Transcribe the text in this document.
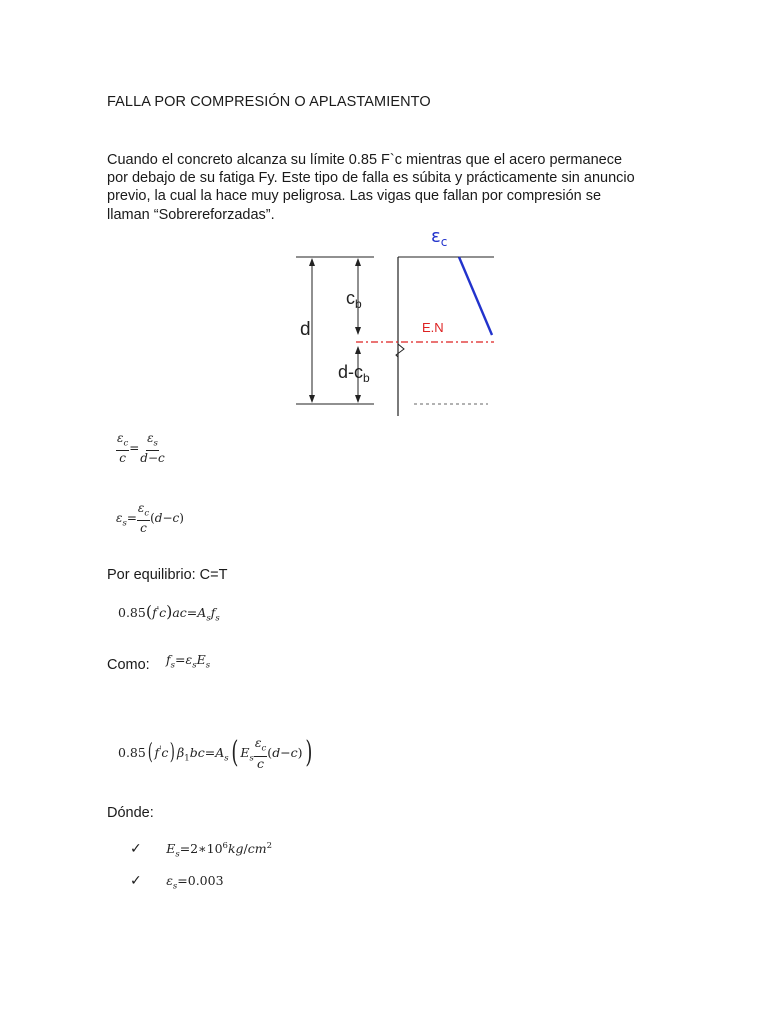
FALLA POR COMPRESIÓN O APLASTAMIENTO
Cuando el concreto alcanza su límite 0.85 F`c mientras que el acero permanece
por debajo de su fatiga Fy. Este tipo de falla es súbita y prácticamente sin anuncio
previo, la cual la hace muy peligrosa. Las vigas que fallan por compresión se
llaman “Sobrereforzadas”.
d
$c_b$
$d-c_b$
$\varepsilon_c$
E.N
$\frac{\varepsilon_c}{c} = \frac{\varepsilon_s}{d-c}$
$\varepsilon_s= \frac{\varepsilon_c}{c} (d-c)$
Por equilibrio: C=T
$0.85(f'c)ac=A_sf_s$
Como: $f_s=\varepsilon_sE_s$
0.85( f'c) $\beta_1bc=A_s$( $E_s \frac{\varepsilon_c}{c} (d-c)$)
Dónde:
✓ $E_s=2∗10^6kg/cm^2$
✓ $\varepsilon_s=0.003$
